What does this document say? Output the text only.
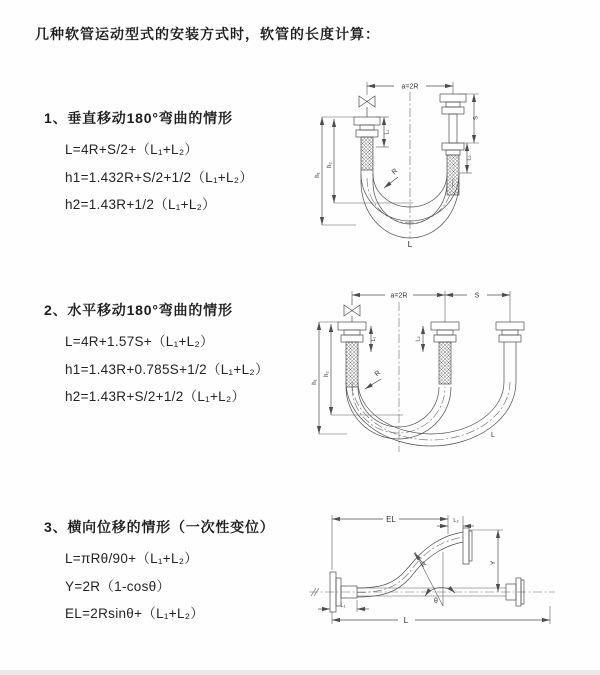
几种软管运动型式的安装方式时，软管的长度计算：
1、垂直移动180°弯曲的情形
L=4R+S/2+（L₁+L₂）
h1=1.432R+S/2+1/2（L₁+L₂）
h2=1.43R+1/2（L₁+L₂）
2、水平移动180°弯曲的情形
L=4R+1.57S+（L₁+L₂）
h1=1.43R+0.785S+1/2（L₁+L₂）
h2=1.43R+S/2+1/2（L₁+L₂）
3、横向位移的情形（一次性变位）
L=πRθ/90+（L₁+L₂）
Y=2R（1-cosθ）
EL=2Rsinθ+（L₁+L₂）
a=2R
L₁
S
L₂
h₁
h₂
R
L
a=2R	S
L₁	L₂
h₁
h₂	R
L
EL	L₂
Y
R
θ
L₁
L
